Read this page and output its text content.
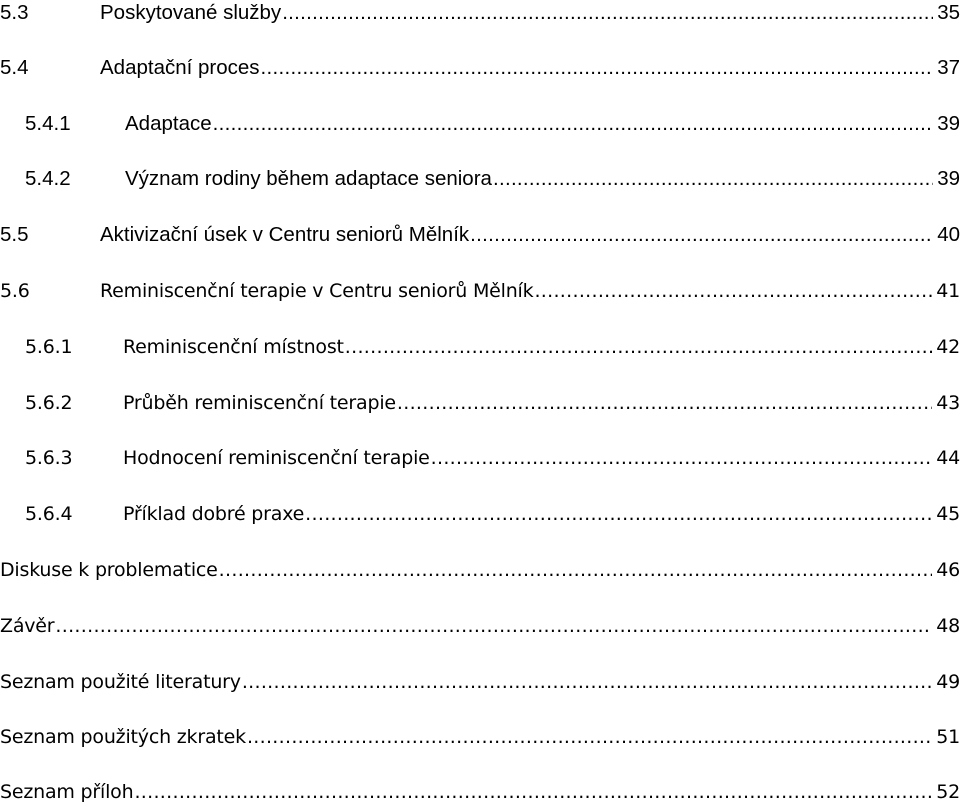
5.3	Poskytované služby .....	35
5.4	Adaptační proces .....	37
5.4.1	Adaptace .....	39
5.4.2	Význam rodiny během adaptace seniora .....	39
5.5	Aktivizační úsek v Centru seniorů Mělník .....	40
5.6	Reminiscenční terapie v Centru seniorů Mělník .....	41
5.6.1	Reminiscenční místnost .....	42
5.6.2	Průběh reminiscenční terapie .....	43
5.6.3	Hodnocení reminiscenční terapie .....	44
5.6.4	Příklad dobré praxe .....	45
Diskuse k problematice .....	46
Závěr .....	48
Seznam použité literatury .....	49
Seznam použitých zkratek .....	51
Seznam příloh .....	52
